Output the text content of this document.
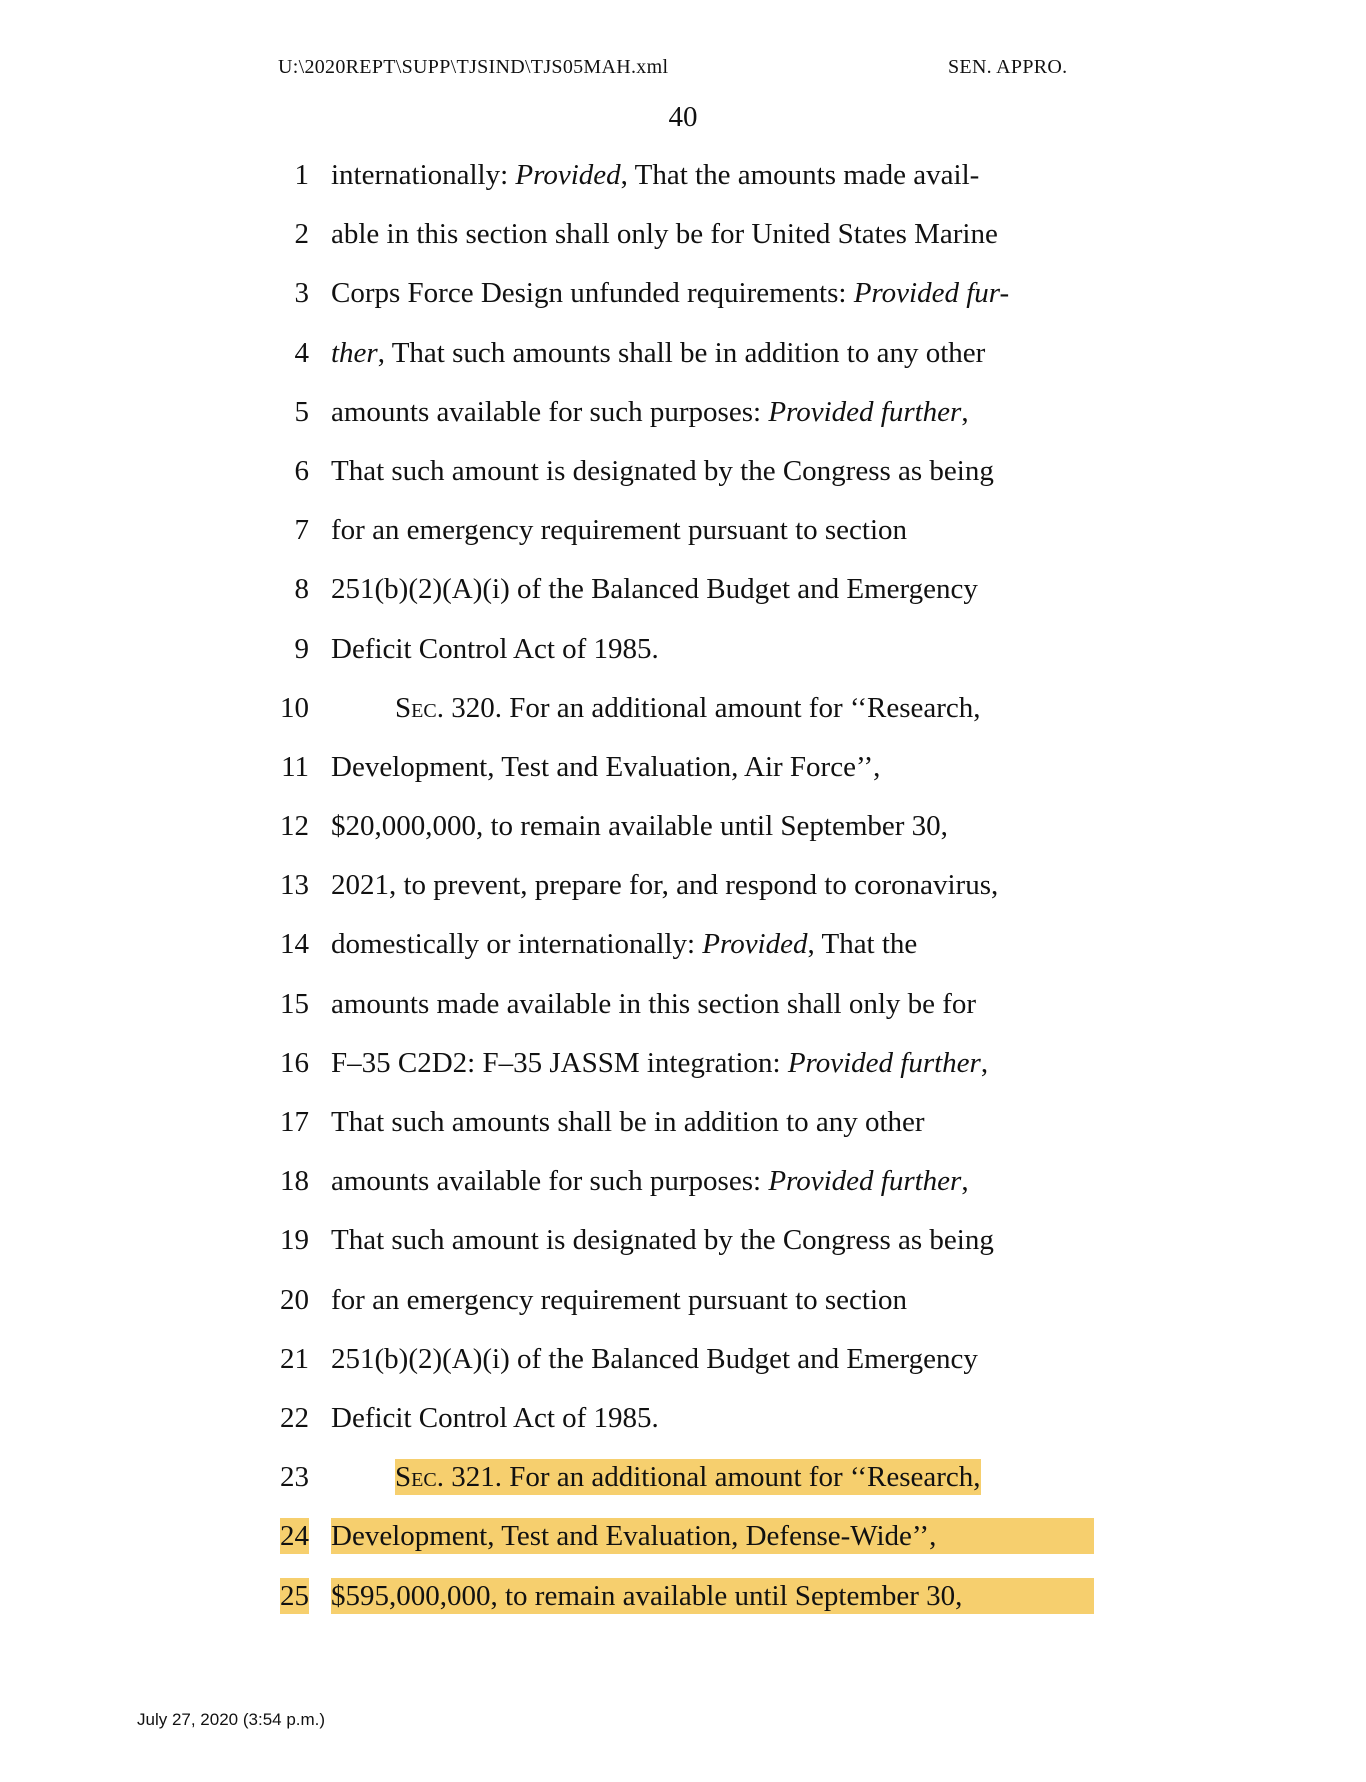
U:\2020REPT\SUPP\TJSIND\TJS05MAH.xml	SEN. APPRO.
40
1 internationally: Provided, That the amounts made avail-
2 able in this section shall only be for United States Marine
3 Corps Force Design unfunded requirements: Provided fur-
4 ther, That such amounts shall be in addition to any other
5 amounts available for such purposes: Provided further,
6 That such amount is designated by the Congress as being
7 for an emergency requirement pursuant to section
8 251(b)(2)(A)(i) of the Balanced Budget and Emergency
9 Deficit Control Act of 1985.
10	Sec. 320. For an additional amount for ‘‘Research,
11 Development, Test and Evaluation, Air Force’’,
12 $20,000,000, to remain available until September 30,
13 2021, to prevent, prepare for, and respond to coronavirus,
14 domestically or internationally: Provided, That the
15 amounts made available in this section shall only be for
16 F–35 C2D2: F–35 JASSM integration: Provided further,
17 That such amounts shall be in addition to any other
18 amounts available for such purposes: Provided further,
19 That such amount is designated by the Congress as being
20 for an emergency requirement pursuant to section
21 251(b)(2)(A)(i) of the Balanced Budget and Emergency
22 Deficit Control Act of 1985.
23	Sec. 321. For an additional amount for ‘‘Research,
24 Development, Test and Evaluation, Defense-Wide’’,
25 $595,000,000, to remain available until September 30,
July 27, 2020 (3:54 p.m.)
